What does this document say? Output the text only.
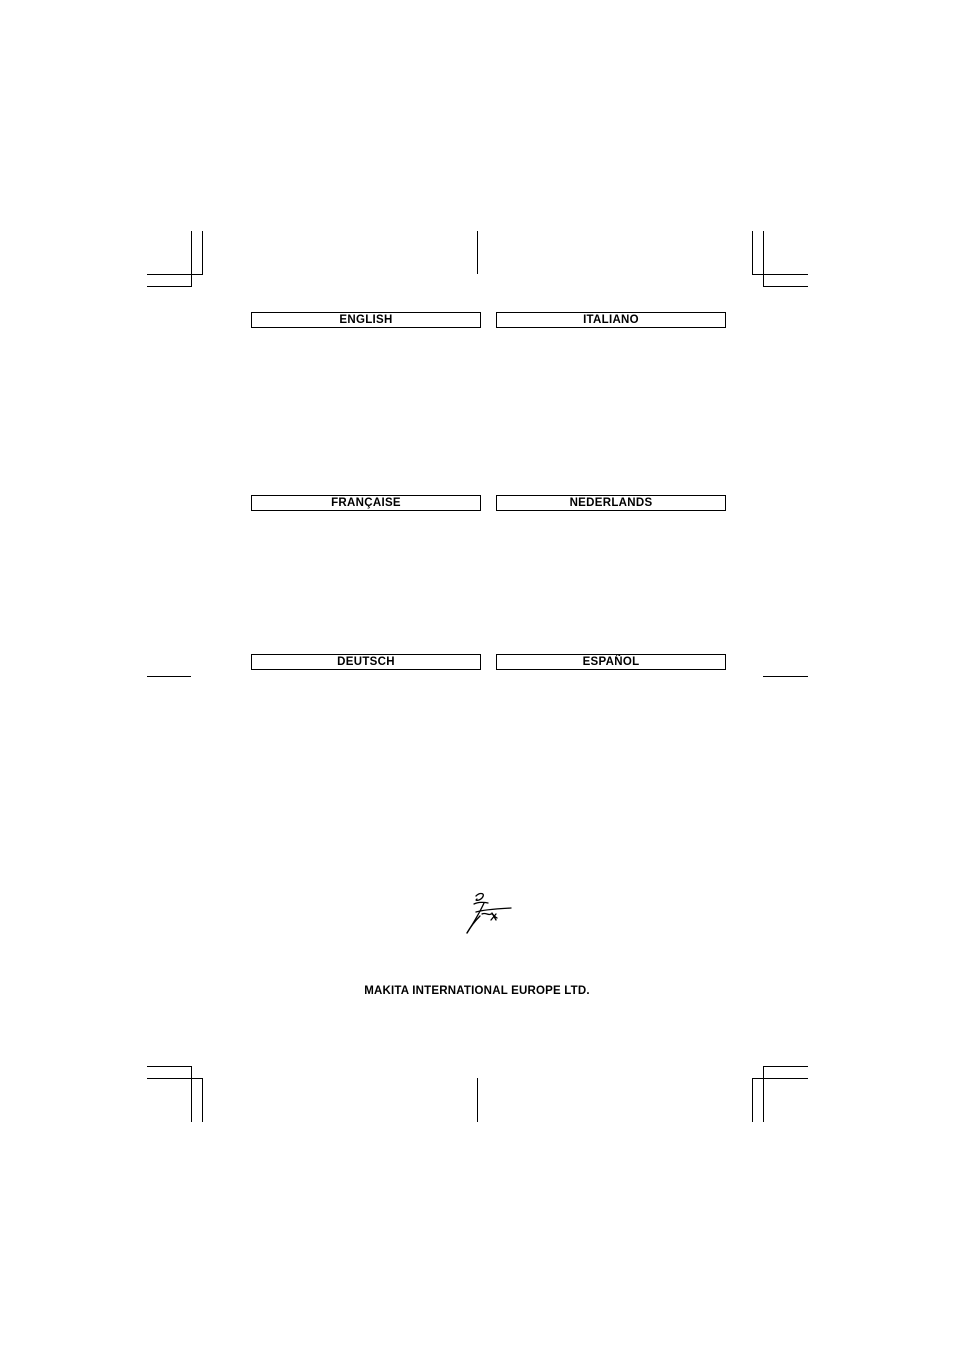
ENGLISH	ITALIANO
FRANÇAISE	NEDERLANDS
DEUTSCH	ESPAÑOL
MAKITA INTERNATIONAL EUROPE LTD.
